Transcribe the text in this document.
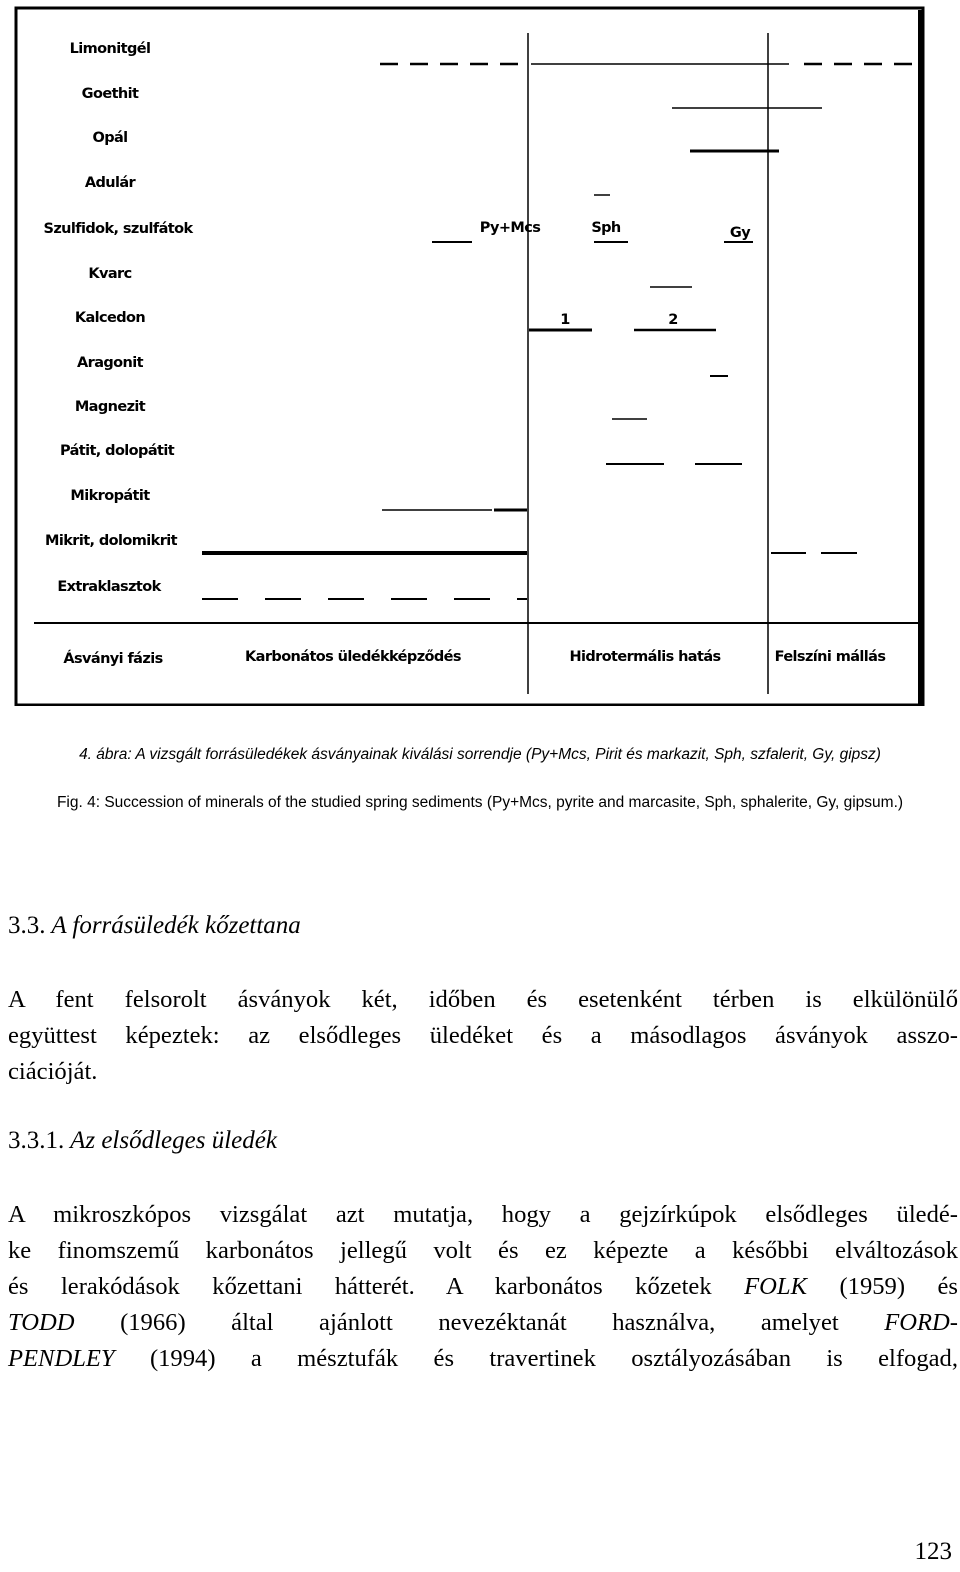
Limonitgél
Goethit
Opál
Adulár
Szulfidok, szulfátok
Kvarc
Kalcedon
Aragonit
Magnezit
Pátit, dolopátit
Mikropátit
Mikrit, dolomikrit
Extraklasztok
Ásványi fázis	Karbonátos üledékképződés	Hidrotermális hatás	Felszíni mállás
Py+Mcs	Sph	Gy
1	2
4. ábra: A vizsgált forrásüledékek ásványainak kiválási sorrendje (Py+Mcs, Pirit és markazit, Sph, szfalerit, Gy, gipsz)
Fig. 4: Succession of minerals of the studied spring sediments (Py+Mcs, pyrite and marcasite, Sph, sphalerite, Gy, gipsum.)
3.3. A forrásüledék kőzettana
A fent felsorolt ásványok két, időben és esetenként térben is elkülönülő
együttest képeztek: az elsődleges üledéket és a másodlagos ásványok asszo-
ciációját.
3.3.1. Az elsődleges üledék
A mikroszkópos vizsgálat azt mutatja, hogy a gejzírkúpok elsődleges üledé-
ke finomszemű karbonátos jellegű volt és ez képezte a későbbi elváltozások
és lerakódások kőzettani hátterét. A karbonátos kőzetek FOLK (1959) és
TODD (1966) által ajánlott nevezéktanát használva, amelyet FORD-
PENDLEY (1994) a mésztufák és travertinek osztályozásában is elfogad,
123
